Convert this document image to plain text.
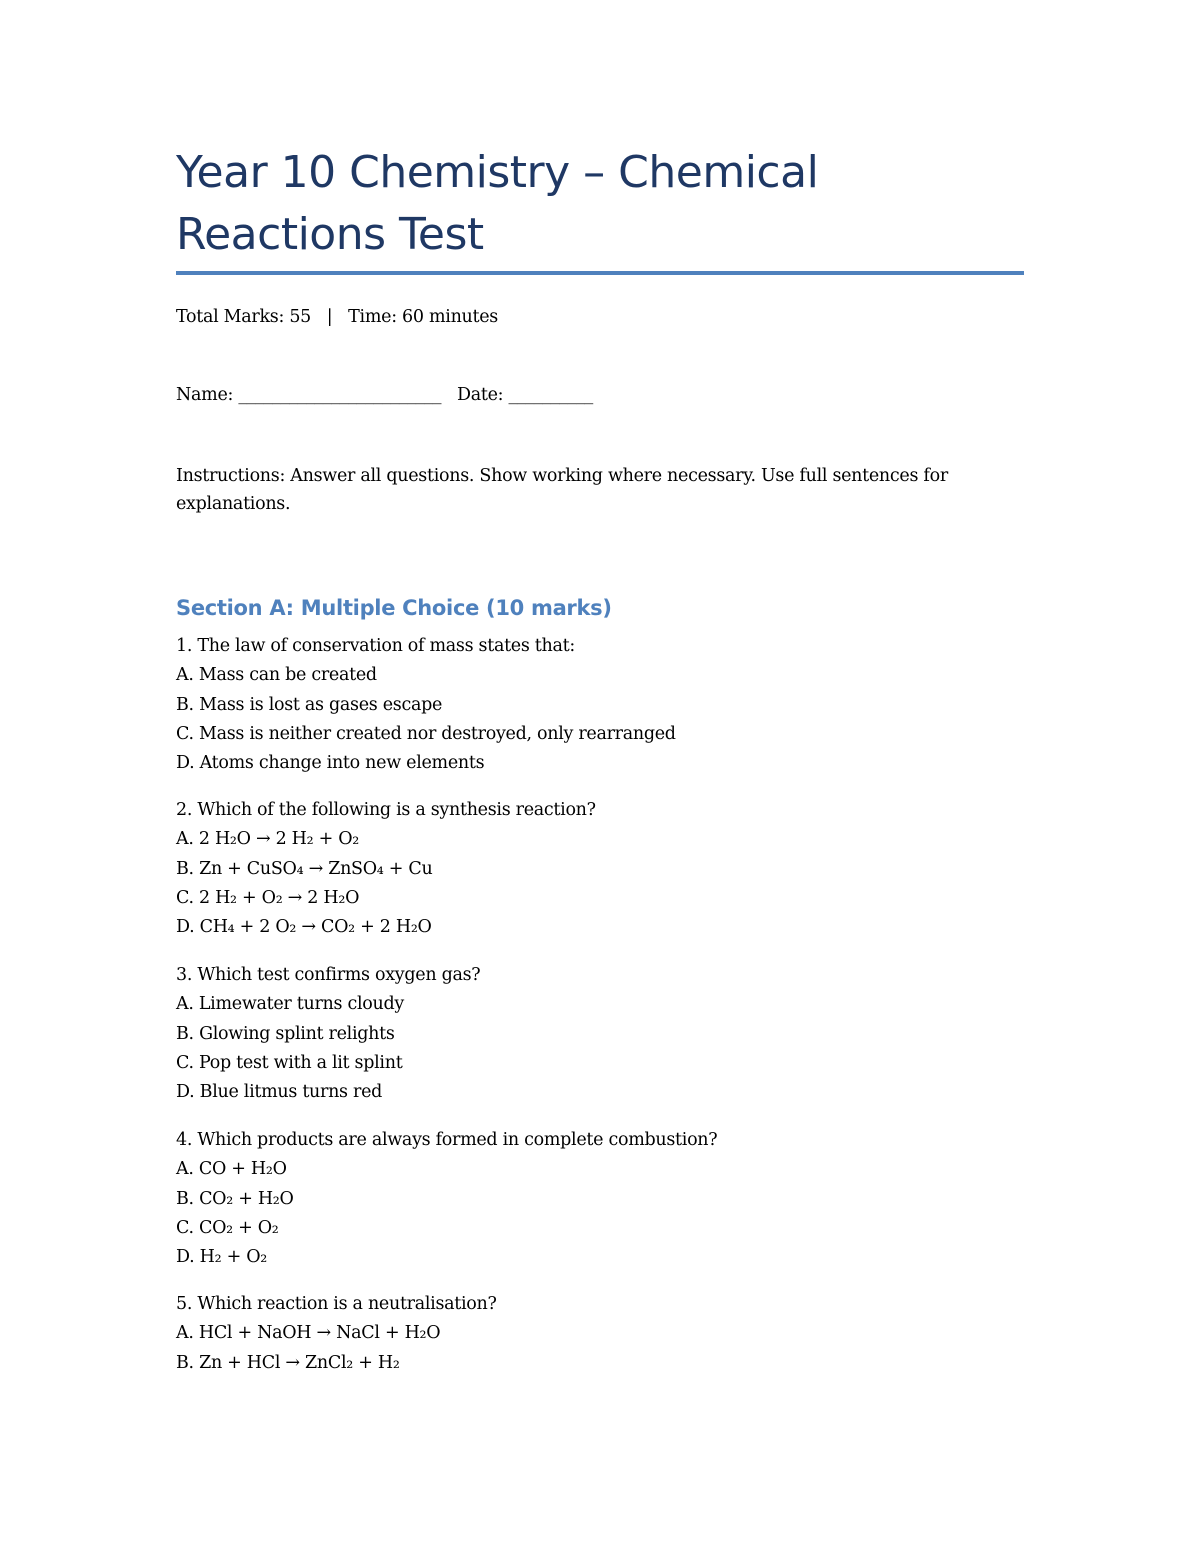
Year 10 Chemistry – Chemical Reactions Test
Total Marks: 55   |   Time: 60 minutes
Name: ________________________ Date: __________
Instructions: Answer all questions. Show working where necessary. Use full sentences for explanations.
Section A: Multiple Choice (10 marks)
1. The law of conservation of mass states that:
A. Mass can be created
B. Mass is lost as gases escape
C. Mass is neither created nor destroyed, only rearranged
D. Atoms change into new elements
2. Which of the following is a synthesis reaction?
A. 2 H₂O → 2 H₂ + O₂
B. Zn + CuSO₄ → ZnSO₄ + Cu
C. 2 H₂ + O₂ → 2 H₂O
D. CH₄ + 2 O₂ → CO₂ + 2 H₂O
3. Which test confirms oxygen gas?
A. Limewater turns cloudy
B. Glowing splint relights
C. Pop test with a lit splint
D. Blue litmus turns red
4. Which products are always formed in complete combustion?
A. CO + H₂O
B. CO₂ + H₂O
C. CO₂ + O₂
D. H₂ + O₂
5. Which reaction is a neutralisation?
A. HCl + NaOH → NaCl + H₂O
B. Zn + HCl → ZnCl₂ + H₂
